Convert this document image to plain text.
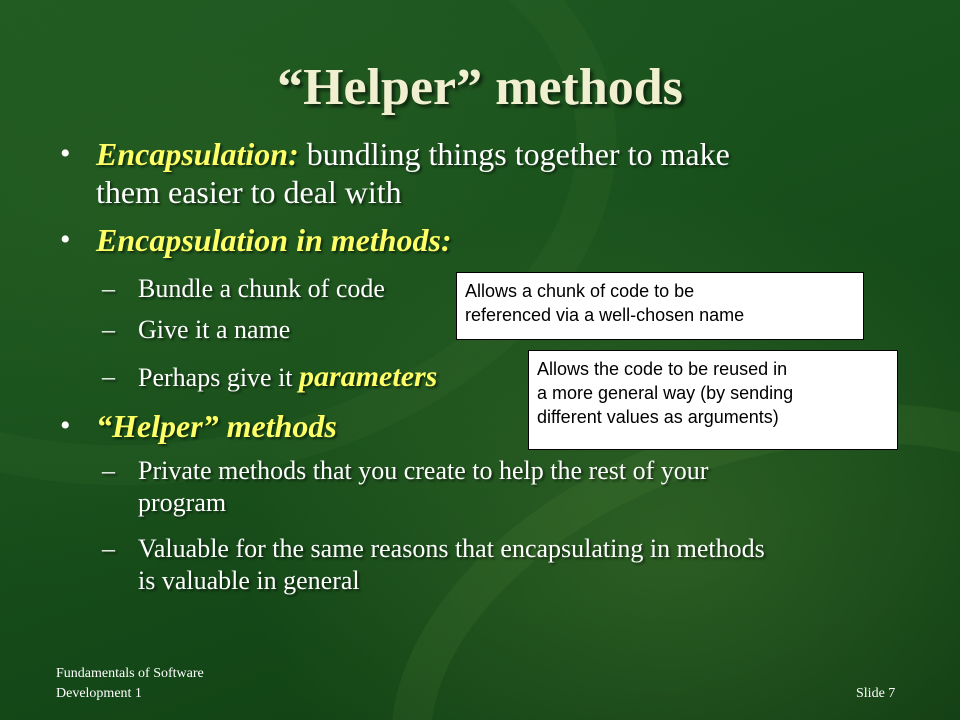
“Helper” methods
• Encapsulation: bundling things together to make
them easier to deal with
• Encapsulation in methods:
– Bundle a chunk of code
– Give it a name
– Perhaps give it parameters
• “Helper” methods
– Private methods that you create to help the rest of your
program
– Valuable for the same reasons that encapsulating in methods
is valuable in general
Allows a chunk of code to be
referenced via a well-chosen name
Allows the code to be reused in
a more general way (by sending
different values as arguments)
Fundamentals of Software
Development 1	Slide 7
